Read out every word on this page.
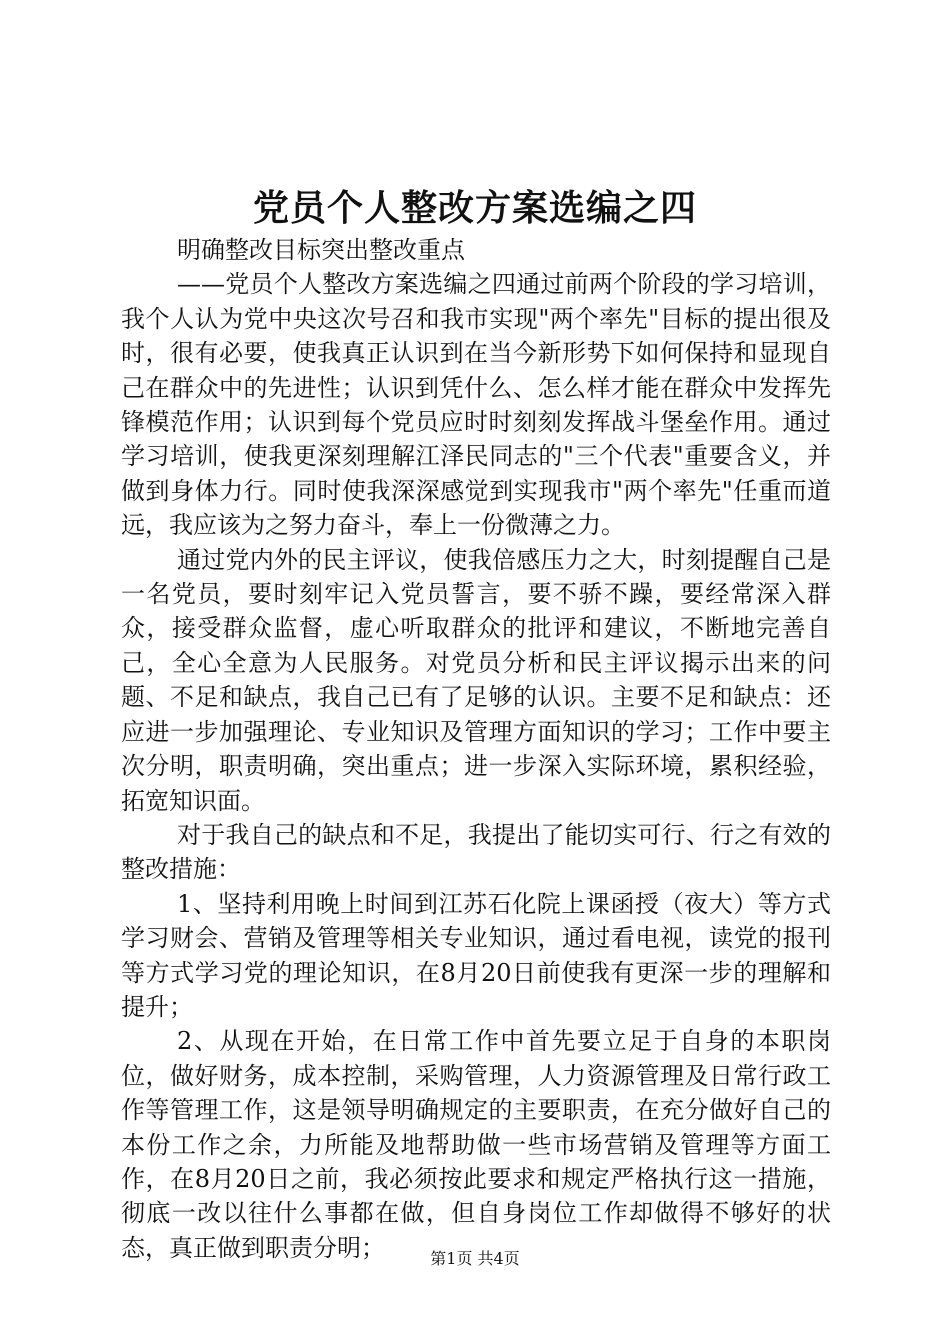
党员个人整改方案选编之四

明确整改目标突出整改重点

——党员个人整改方案选编之四通过前两个阶段的学习培训，我个人认为党中央这次号召和我市实现"两个率先"目标的提出很及时，很有必要，使我真正认识到在当今新形势下如何保持和显现自己在群众中的先进性；认识到凭什么、怎么样才能在群众中发挥先锋模范作用；认识到每个党员应时时刻刻发挥战斗堡垒作用。通过学习培训，使我更深刻理解江泽民同志的"三个代表"重要含义，并做到身体力行。同时使我深深感觉到实现我市"两个率先"任重而道远，我应该为之努力奋斗，奉上一份微薄之力。

通过党内外的民主评议，使我倍感压力之大，时刻提醒自己是一名党员，要时刻牢记入党员誓言，要不骄不躁，要经常深入群众，接受群众监督，虚心听取群众的批评和建议，不断地完善自己，全心全意为人民服务。对党员分析和民主评议揭示出来的问题、不足和缺点，我自己已有了足够的认识。主要不足和缺点：还应进一步加强理论、专业知识及管理方面知识的学习；工作中要主次分明，职责明确，突出重点；进一步深入实际环境，累积经验，拓宽知识面。

对于我自己的缺点和不足，我提出了能切实可行、行之有效的整改措施：

1、坚持利用晚上时间到江苏石化院上课函授（夜大）等方式学习财会、营销及管理等相关专业知识，通过看电视，读党的报刊等方式学习党的理论知识，在8月20日前使我有更深一步的理解和提升；

2、从现在开始，在日常工作中首先要立足于自身的本职岗位，做好财务，成本控制，采购管理，人力资源管理及日常行政工作等管理工作，这是领导明确规定的主要职责，在充分做好自己的本份工作之余，力所能及地帮助做一些市场营销及管理等方面工作，在8月20日之前，我必须按此要求和规定严格执行这一措施，彻底一改以往什么事都在做，但自身岗位工作却做得不够好的状态，真正做到职责分明；	第1页 共4页
